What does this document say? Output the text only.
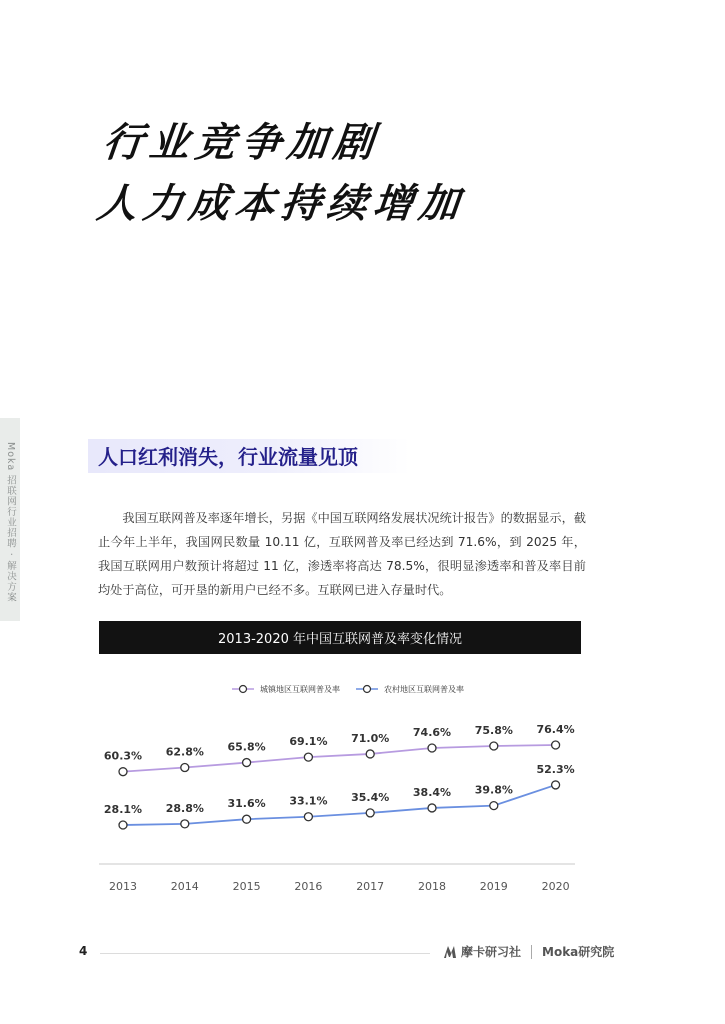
Moka 招联网行业招聘 · 解决方案
行业竞争加剧
人力成本持续增加
人口红利消失，行业流量见顶

我国互联网普及率逐年增长，另据《中国互联网络发展状况统计报告》的数据显示，截止今年上半年，我国网民数量 10.11 亿，互联网普及率已经达到 71.6%，到 2025 年，我国互联网用户数预计将超过 11 亿，渗透率将高达 78.5%，很明显渗透率和普及率目前均处于高位，可开垦的新用户已经不多。互联网已进入存量时代。

2013-2020 年中国互联网普及率变化情况
城镇地区互联网普及率	农村地区互联网普及率
60.3% 62.8% 65.8% 69.1% 71.0% 74.6% 75.8% 76.4%
28.1% 28.8% 31.6% 33.1% 35.4% 38.4% 39.8%
52.3%
2013	2014	2015	2016	2017	2018	2019	2020
4	摩卡研习社 Moka研究院
